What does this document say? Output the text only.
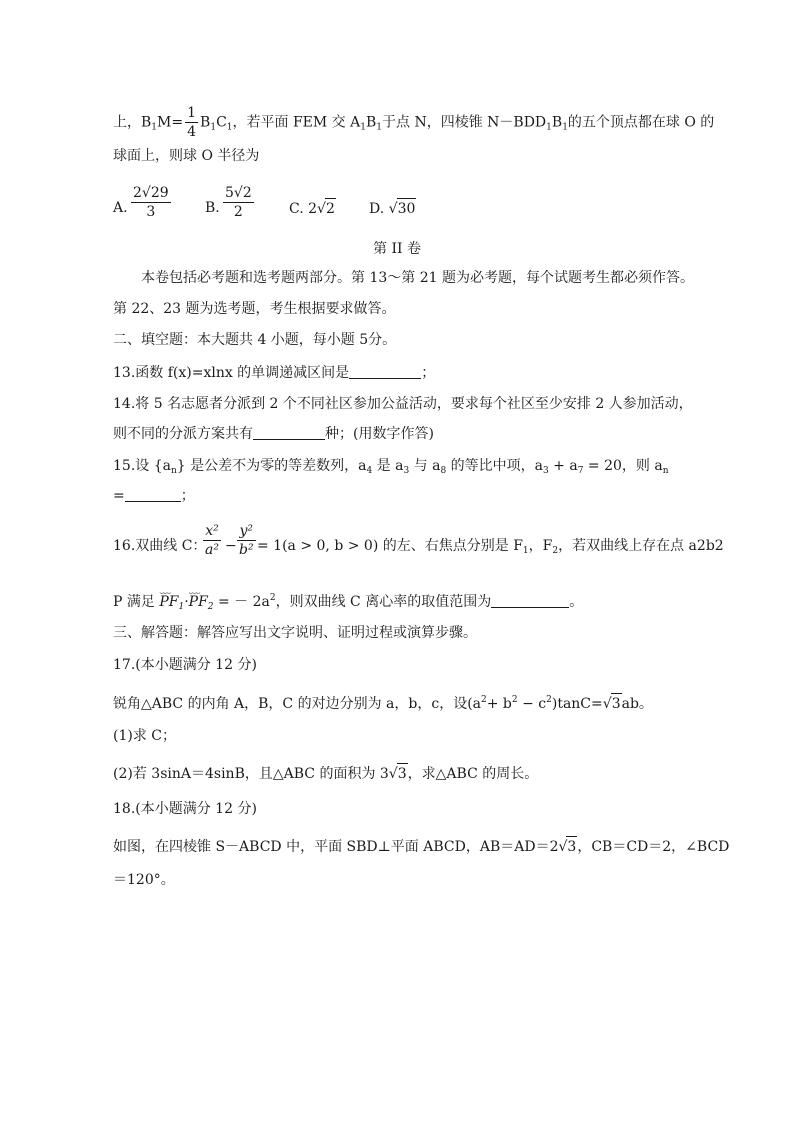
上，$B_1M= \frac{1}{4} B_1C_1$，若平面 FEM 交 $A_1B_1$于点 N，四棱锥 $N-BDD_1B_1$的五个顶点都在球 O 的
球面上，则球 O 半径为
A. $\frac{2√29}{3} B$. $\frac{5√2}{2}$	C. 2√2 D. √30
第 II 卷
本卷包括必考题和选考题两部分。第 13～第 21 题为必考题，每个试题考生都必须作答。
第 22、23 题为选考题，考生根据要求做答。
二、填空题：本大题共 4 小题，每小题 5分。
13.函数 f(x)=xlnx 的单调递减区间是	；
14.将 5 名志愿者分派到 2 个不同社区参加公益活动，要求每个社区至少安排 2 人参加活动，
则不同的分派方案共有	种；(用数字作答)
15.设 $\{a_n\}$ 是公差不为零的等差数列，$a_4$ 是 $a_3$ 与 $a_8$ 的等比中项，$a_3 + a_7 = 20$，则 $a_n$
=	；
16.双曲线 C：
$\frac{\text{x²}}{\text{a²}} - \frac{\text{y²}}{\text{b²}} = 1(a > 0$, b > 0) 的左、右焦点分别是 $F_1$，$F_2$，若双曲线上存在点 a2b2
P 满足 ⌣⌣⌣ $PF_1\cdot⌣⌣⌣$ $PF_2$ = － $2a^2$，则双曲线 C 离心率的取值范围为	。
三、解答题：解答应写出文字说明、证明过程或演算步骤。
17.(本小题满分 12 分)
锐角△ABC 的内角 A，B，C 的对边分别为 a，b，c，设$(a^2+ b^2 - c^2)\tan C=√3ab$。
(1)求 C；
(2)若 3sinA＝4sinB，且△ABC 的面积为 3√3，求△ABC 的周长。
18.(本小题满分 12 分)
如图，在四棱锥 S－ABCD 中，平面 SBD⊥平面 ABCD，AB＝AD＝2√3，CB＝CD＝2，∠BCD
＝120°。
